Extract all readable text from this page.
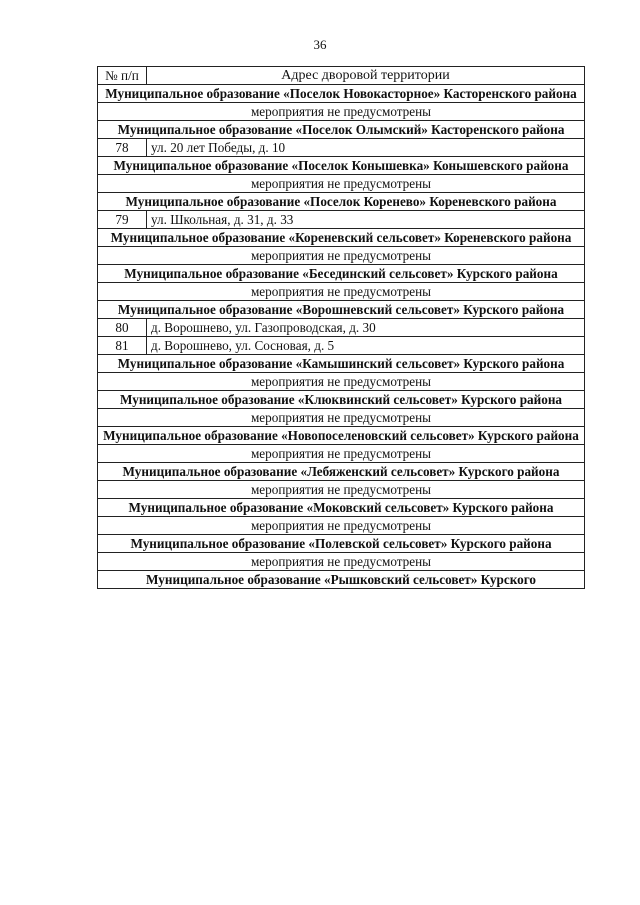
36
№ п/п	Адрес дворовой территории
Муниципальное образование «Поселок Новокасторное» Касторенского района	
мероприятия не предусмотрены	
Муниципальное образование «Поселок Олымский» Касторенского района	
78	ул. 20 лет Победы, д. 10
Муниципальное образование «Поселок Конышевка» Конышевского района	
мероприятия не предусмотрены	
Муниципальное образование «Поселок Коренево» Кореневского района	
79	ул. Школьная, д. 31, д. 33
Муниципальное образование «Кореневский сельсовет» Кореневского района	
мероприятия не предусмотрены	
Муниципальное образование «Бесединский сельсовет» Курского района	
мероприятия не предусмотрены	
Муниципальное образование «Ворошневский сельсовет» Курского района	
80	д. Ворошнево, ул. Газопроводская, д. 30
81	д. Ворошнево, ул. Сосновая, д. 5
Муниципальное образование «Камышинский сельсовет» Курского района	
мероприятия не предусмотрены	
Муниципальное образование «Клюквинский сельсовет» Курского района	
мероприятия не предусмотрены	
Муниципальное образование «Новопоселеновский сельсовет» Курского района	
мероприятия не предусмотрены	
Муниципальное образование «Лебяженский сельсовет» Курского района	
мероприятия не предусмотрены	
Муниципальное образование «Моковский сельсовет» Курского района	
мероприятия не предусмотрены	
Муниципальное образование «Полевской сельсовет» Курского района	
мероприятия не предусмотрены	
Муниципальное образование «Рышковский сельсовет» Курского	
